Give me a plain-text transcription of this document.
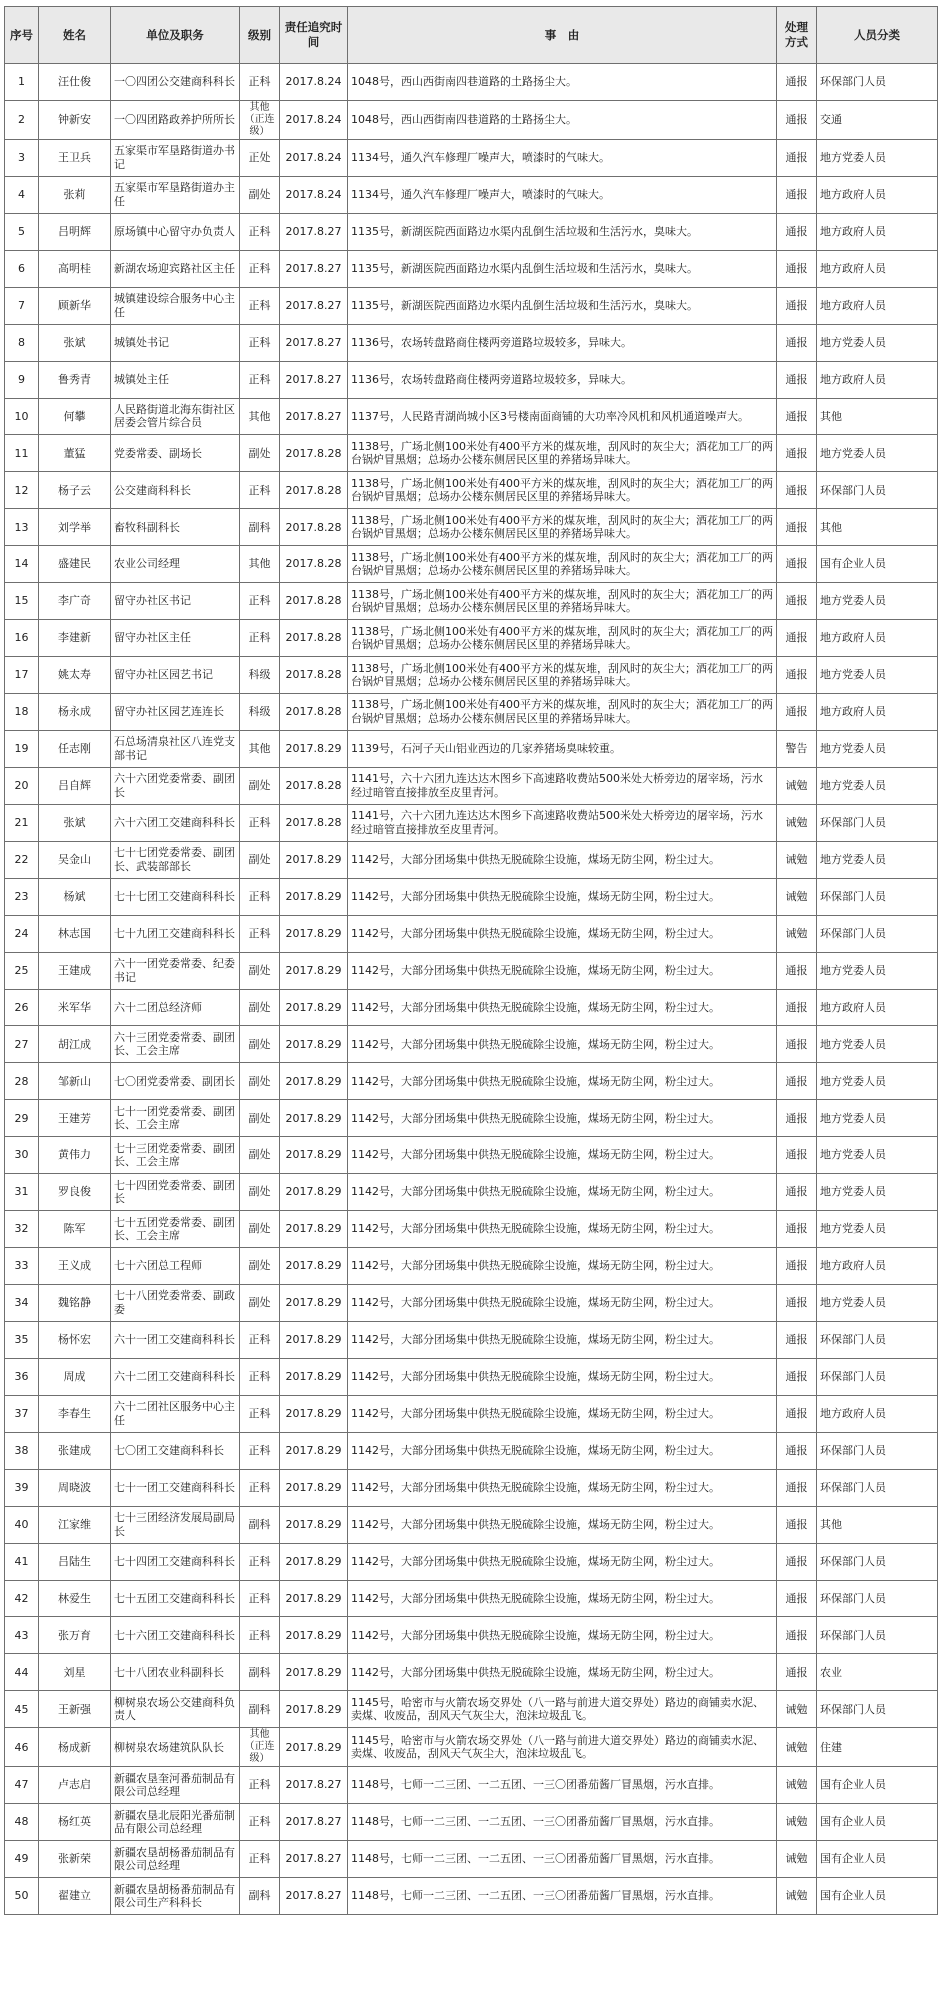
序号	姓名	单位及职务	级别	责任追究时间	事　由	处理方式	人员分类
1	汪仕俊	一〇四团公交建商科科长	正科	2017.8.24	1048号，西山西街南四巷道路的土路扬尘大。	通报	环保部门人员
2	钟新安	一〇四团路政养护所所长	其他（正连级）	2017.8.24	1048号，西山西街南四巷道路的土路扬尘大。	通报	交通
3	王卫兵	五家渠市军垦路街道办书记	正处	2017.8.24	1134号，通久汽车修理厂噪声大，喷漆时的气味大。	通报	地方党委人员
4	张莉	五家渠市军垦路街道办主任	副处	2017.8.24	1134号，通久汽车修理厂噪声大，喷漆时的气味大。	通报	地方政府人员
5	吕明辉	原场镇中心留守办负责人	正科	2017.8.27	1135号，新湖医院西面路边水渠内乱倒生活垃圾和生活污水，臭味大。	通报	地方政府人员
6	高明桂	新湖农场迎宾路社区主任	正科	2017.8.27	1135号，新湖医院西面路边水渠内乱倒生活垃圾和生活污水，臭味大。	通报	地方政府人员
7	顾新华	城镇建设综合服务中心主任	正科	2017.8.27	1135号，新湖医院西面路边水渠内乱倒生活垃圾和生活污水，臭味大。	通报	地方政府人员
8	张斌	城镇处书记	正科	2017.8.27	1136号，农场转盘路商住楼两旁道路垃圾较多，异味大。	通报	地方党委人员
9	鲁秀青	城镇处主任	正科	2017.8.27	1136号，农场转盘路商住楼两旁道路垃圾较多，异味大。	通报	地方政府人员
10	何攀	人民路街道北海东街社区居委会管片综合员	其他	2017.8.27	1137号，人民路青湖尚城小区3号楼南面商铺的大功率冷风机和风机通道噪声大。	通报	其他
11	董猛	党委常委、副场长	副处	2017.8.28	1138号，广场北侧100米处有400平方米的煤灰堆，刮风时的灰尘大；酒花加工厂的两台锅炉冒黑烟；总场办公楼东侧居民区里的养猪场异味大。	通报	地方党委人员
12	杨子云	公交建商科科长	正科	2017.8.28	1138号，广场北侧100米处有400平方米的煤灰堆，刮风时的灰尘大；酒花加工厂的两台锅炉冒黑烟；总场办公楼东侧居民区里的养猪场异味大。	通报	环保部门人员
13	刘学举	畜牧科副科长	副科	2017.8.28	1138号，广场北侧100米处有400平方米的煤灰堆，刮风时的灰尘大；酒花加工厂的两台锅炉冒黑烟；总场办公楼东侧居民区里的养猪场异味大。	通报	其他
14	盛建民	农业公司经理	其他	2017.8.28	1138号，广场北侧100米处有400平方米的煤灰堆，刮风时的灰尘大；酒花加工厂的两台锅炉冒黑烟；总场办公楼东侧居民区里的养猪场异味大。	通报	国有企业人员
15	李广奇	留守办社区书记	正科	2017.8.28	1138号，广场北侧100米处有400平方米的煤灰堆，刮风时的灰尘大；酒花加工厂的两台锅炉冒黑烟；总场办公楼东侧居民区里的养猪场异味大。	通报	地方党委人员
16	李建新	留守办社区主任	正科	2017.8.28	1138号，广场北侧100米处有400平方米的煤灰堆，刮风时的灰尘大；酒花加工厂的两台锅炉冒黑烟；总场办公楼东侧居民区里的养猪场异味大。	通报	地方政府人员
17	姚太寿	留守办社区园艺书记	科级	2017.8.28	1138号，广场北侧100米处有400平方米的煤灰堆，刮风时的灰尘大；酒花加工厂的两台锅炉冒黑烟；总场办公楼东侧居民区里的养猪场异味大。	通报	地方党委人员
18	杨永成	留守办社区园艺连连长	科级	2017.8.28	1138号，广场北侧100米处有400平方米的煤灰堆，刮风时的灰尘大；酒花加工厂的两台锅炉冒黑烟；总场办公楼东侧居民区里的养猪场异味大。	通报	地方政府人员
19	任志刚	石总场清泉社区八连党支部书记	其他	2017.8.29	1139号，石河子天山铝业西边的几家养猪场臭味较重。	警告	地方党委人员
20	吕自辉	六十六团党委常委、副团长	副处	2017.8.28	1141号，六十六团九连达达木图乡下高速路收费站500米处大桥旁边的屠宰场，污水经过暗管直接排放至皮里青河。	诫勉	地方党委人员
21	张斌	六十六团工交建商科科长	正科	2017.8.28	1141号，六十六团九连达达木图乡下高速路收费站500米处大桥旁边的屠宰场，污水经过暗管直接排放至皮里青河。	诫勉	环保部门人员
22	吴金山	七十七团党委常委、副团长、武装部部长	副处	2017.8.29	1142号，大部分团场集中供热无脱硫除尘设施，煤场无防尘网，粉尘过大。	诫勉	地方党委人员
23	杨斌	七十七团工交建商科科长	正科	2017.8.29	1142号，大部分团场集中供热无脱硫除尘设施，煤场无防尘网，粉尘过大。	诫勉	环保部门人员
24	林志国	七十九团工交建商科科长	正科	2017.8.29	1142号，大部分团场集中供热无脱硫除尘设施，煤场无防尘网，粉尘过大。	诫勉	环保部门人员
25	王建成	六十一团党委常委、纪委书记	副处	2017.8.29	1142号，大部分团场集中供热无脱硫除尘设施，煤场无防尘网，粉尘过大。	通报	地方党委人员
26	米军华	六十二团总经济师	副处	2017.8.29	1142号，大部分团场集中供热无脱硫除尘设施，煤场无防尘网，粉尘过大。	通报	地方政府人员
27	胡江成	六十三团党委常委、副团长、工会主席	副处	2017.8.29	1142号，大部分团场集中供热无脱硫除尘设施，煤场无防尘网，粉尘过大。	通报	地方党委人员
28	邹新山	七〇团党委常委、副团长	副处	2017.8.29	1142号，大部分团场集中供热无脱硫除尘设施，煤场无防尘网，粉尘过大。	通报	地方党委人员
29	王建芳	七十一团党委常委、副团长、工会主席	副处	2017.8.29	1142号，大部分团场集中供热无脱硫除尘设施，煤场无防尘网，粉尘过大。	通报	地方党委人员
30	黄伟力	七十三团党委常委、副团长、工会主席	副处	2017.8.29	1142号，大部分团场集中供热无脱硫除尘设施，煤场无防尘网，粉尘过大。	通报	地方党委人员
31	罗良俊	七十四团党委常委、副团长	副处	2017.8.29	1142号，大部分团场集中供热无脱硫除尘设施，煤场无防尘网，粉尘过大。	通报	地方党委人员
32	陈军	七十五团党委常委、副团长、工会主席	副处	2017.8.29	1142号，大部分团场集中供热无脱硫除尘设施，煤场无防尘网，粉尘过大。	通报	地方党委人员
33	王义成	七十六团总工程师	副处	2017.8.29	1142号，大部分团场集中供热无脱硫除尘设施，煤场无防尘网，粉尘过大。	通报	地方政府人员
34	魏铭静	七十八团党委常委、副政委	副处	2017.8.29	1142号，大部分团场集中供热无脱硫除尘设施，煤场无防尘网，粉尘过大。	通报	地方党委人员
35	杨怀宏	六十一团工交建商科科长	正科	2017.8.29	1142号，大部分团场集中供热无脱硫除尘设施，煤场无防尘网，粉尘过大。	通报	环保部门人员
36	周成	六十二团工交建商科科长	正科	2017.8.29	1142号，大部分团场集中供热无脱硫除尘设施，煤场无防尘网，粉尘过大。	通报	环保部门人员
37	李春生	六十二团社区服务中心主任	正科	2017.8.29	1142号，大部分团场集中供热无脱硫除尘设施，煤场无防尘网，粉尘过大。	通报	地方政府人员
38	张建成	七〇团工交建商科科长	正科	2017.8.29	1142号，大部分团场集中供热无脱硫除尘设施，煤场无防尘网，粉尘过大。	通报	环保部门人员
39	周晓波	七十一团工交建商科科长	正科	2017.8.29	1142号，大部分团场集中供热无脱硫除尘设施，煤场无防尘网，粉尘过大。	通报	环保部门人员
40	江家维	七十三团经济发展局副局长	副科	2017.8.29	1142号，大部分团场集中供热无脱硫除尘设施，煤场无防尘网，粉尘过大。	通报	其他
41	吕陆生	七十四团工交建商科科长	正科	2017.8.29	1142号，大部分团场集中供热无脱硫除尘设施，煤场无防尘网，粉尘过大。	通报	环保部门人员
42	林爱生	七十五团工交建商科科长	正科	2017.8.29	1142号，大部分团场集中供热无脱硫除尘设施，煤场无防尘网，粉尘过大。	通报	环保部门人员
43	张万育	七十六团工交建商科科长	正科	2017.8.29	1142号，大部分团场集中供热无脱硫除尘设施，煤场无防尘网，粉尘过大。	通报	环保部门人员
44	刘星	七十八团农业科副科长	副科	2017.8.29	1142号，大部分团场集中供热无脱硫除尘设施，煤场无防尘网，粉尘过大。	通报	农业
45	王新强	柳树泉农场公交建商科负责人	副科	2017.8.29	1145号，哈密市与火箭农场交界处（八一路与前进大道交界处）路边的商铺卖水泥、卖煤、收废品，刮风天气灰尘大，泡沫垃圾乱飞。	诫勉	环保部门人员
46	杨成新	柳树泉农场建筑队队长	其他（正连级）	2017.8.29	1145号，哈密市与火箭农场交界处（八一路与前进大道交界处）路边的商铺卖水泥、卖煤、收废品，刮风天气灰尘大，泡沫垃圾乱飞。	诫勉	住建
47	卢志启	新疆农垦奎河番茄制品有限公司总经理	正科	2017.8.27	1148号，七师一二三团、一二五团、一三〇团番茄酱厂冒黑烟，污水直排。	诫勉	国有企业人员
48	杨红英	新疆农垦北辰阳光番茄制品有限公司总经理	正科	2017.8.27	1148号，七师一二三团、一二五团、一三〇团番茄酱厂冒黑烟，污水直排。	诫勉	国有企业人员
49	张新荣	新疆农垦胡杨番茄制品有限公司总经理	正科	2017.8.27	1148号，七师一二三团、一二五团、一三〇团番茄酱厂冒黑烟，污水直排。	诫勉	国有企业人员
50	翟建立	新疆农垦胡杨番茄制品有限公司生产科科长	副科	2017.8.27	1148号，七师一二三团、一二五团、一三〇团番茄酱厂冒黑烟，污水直排。	诫勉	国有企业人员
